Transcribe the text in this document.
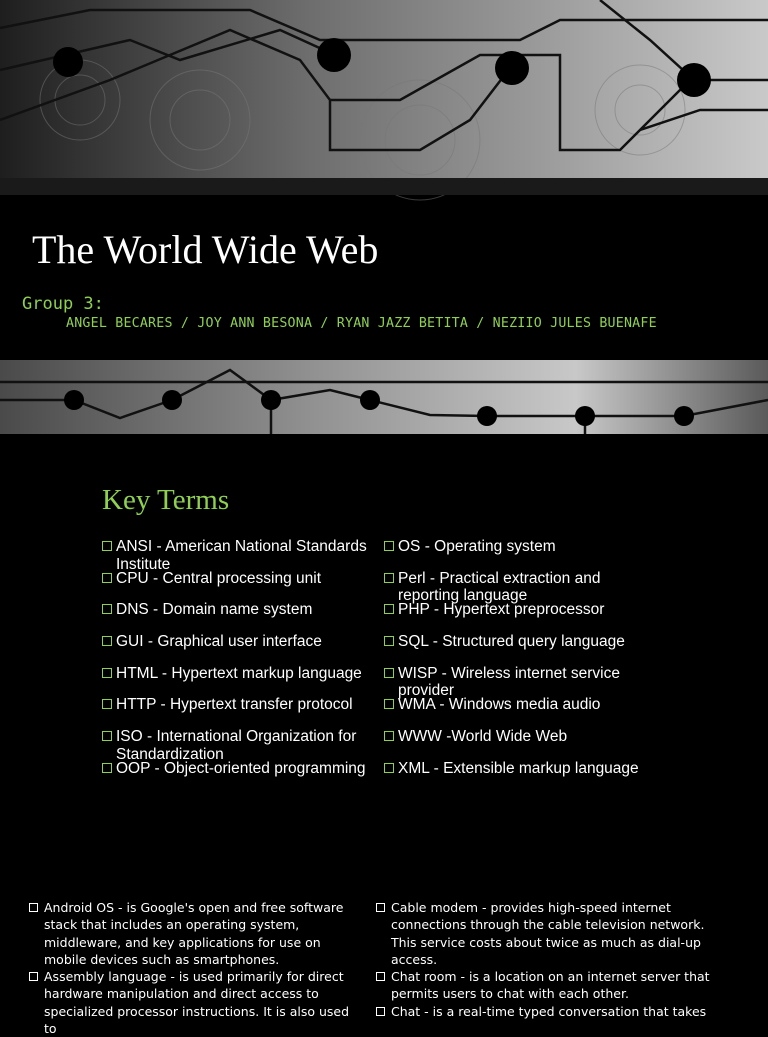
The World Wide Web
Group 3:
ANGEL BECARES / JOY ANN BESONA / RYAN JAZZ BETITA / NEZIIO JULES BUENAFE
Key Terms
ANSI - American National Standards
Institute
CPU - Central processing unit
DNS - Domain name system
GUI - Graphical user interface
HTML - Hypertext markup language
HTTP - Hypertext transfer protocol
ISO - International Organization for
Standardization
OOP - Object-oriented programming
OS - Operating system
Perl - Practical extraction and
reporting language
PHP - Hypertext preprocessor
SQL - Structured query language
WISP - Wireless internet service
provider
WMA - Windows media audio
WWW -World Wide Web
XML - Extensible markup language
Android OS - is Google's open and free software stack that includes an operating system, middleware, and key applications for use on mobile devices such as smartphones.
Assembly language - is used primarily for direct hardware manipulation and direct access to specialized processor instructions. It is also used to
Cable modem - provides high-speed internet connections through the cable television network. This service costs about twice as much as dial-up access.
Chat room - is a location on an internet server that permits users to chat with each other.
Chat - is a real-time typed conversation that takes
